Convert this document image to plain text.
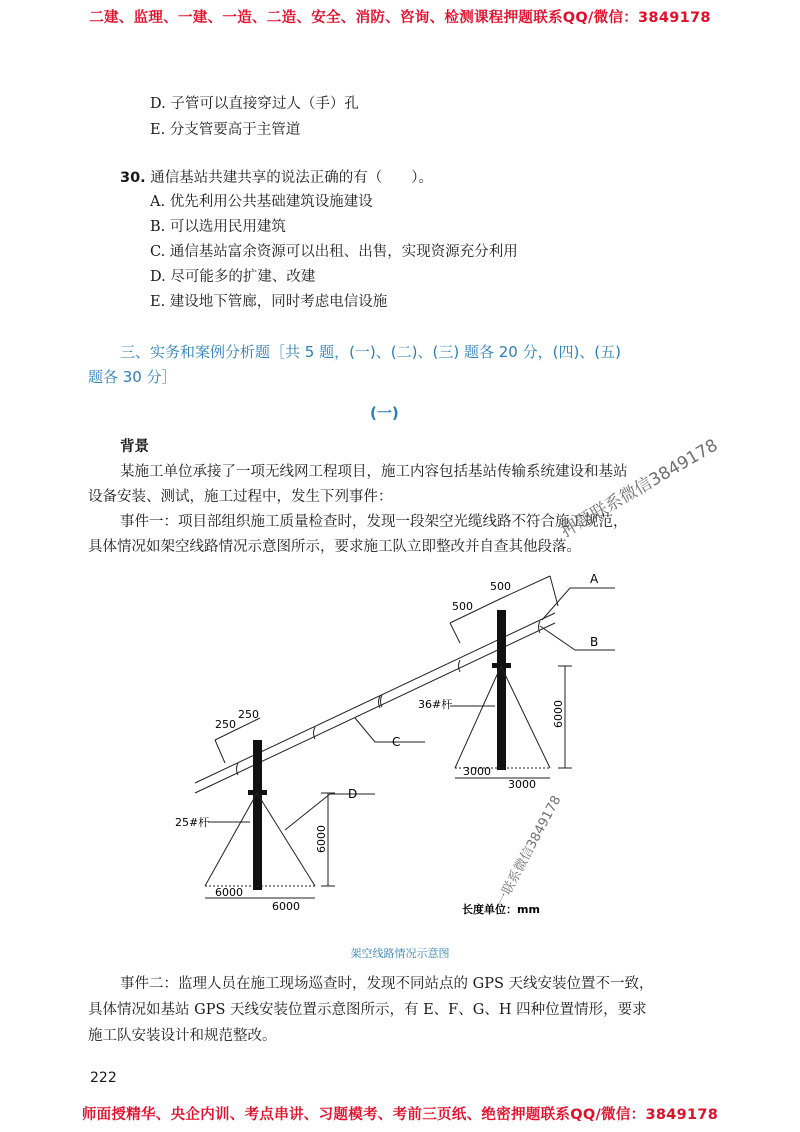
二建、监理、一建、一造、二造、安全、消防、咨询、检测课程押题联系QQ/微信：3849178
D. 子管可以直接穿过人（手）孔
E. 分支管要高于主管道
30. 通信基站共建共享的说法正确的有（　　）。
A. 优先利用公共基础建筑设施建设
B. 可以选用民用建筑
C. 通信基站富余资源可以出租、出售，实现资源充分利用
D. 尽可能多的扩建、改建
E. 建设地下管廊，同时考虑电信设施
三、实务和案例分析题［共 5 题，(一)、(二)、(三) 题各 20 分，(四)、(五)
题各 30 分］
(一)
背景
某施工单位承接了一项无线网工程项目，施工内容包括基站传输系统建设和基站
设备安装、测试，施工过程中，发生下列事件：
事件一：项目部组织施工质量检查时，发现一段架空光缆线路不符合施工规范，
具体情况如架空线路情况示意图所示，要求施工队立即整改并自查其他段落。
A
B
C
D
500
500
250
250
36#杆	6000
3000
3000
25#杆
6000
6000
6000	长度单位：mm
架空线路情况示意图
事件二：监理人员在施工现场巡查时，发现不同站点的 GPS 天线安装位置不一致，
具体情况如基站 GPS 天线安装位置示意图所示，有 E、F、G、H 四种位置情形，要求
施工队安装设计和规范整改。
222
押题联系微信3849178
一联系微信3849178
师面授精华、央企内训、考点串讲、习题模考、考前三页纸、绝密押题联系QQ/微信：3849178
